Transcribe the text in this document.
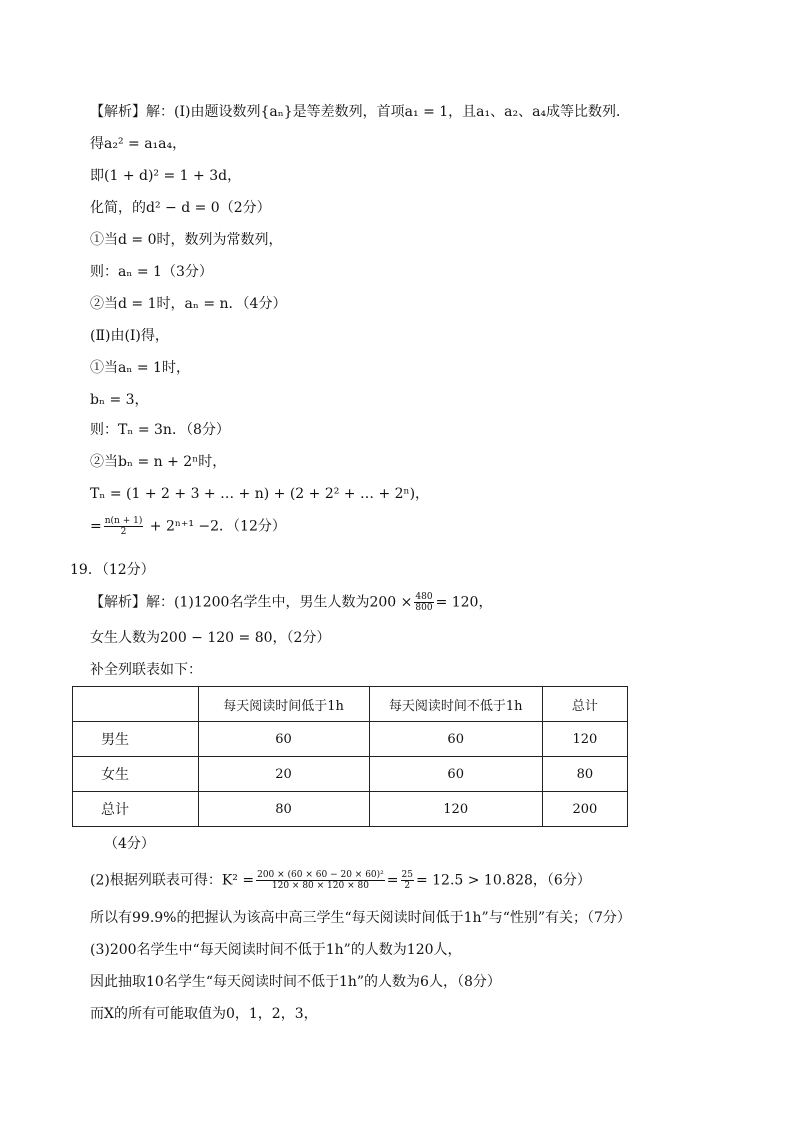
【解析】解：(Ⅰ)由题设数列{aₙ}是等差数列，首项a₁ = 1，且a₁、a₂、a₄成等比数列．
得a₂² = a₁a₄，
即(1 + d)² = 1 + 3d，
化简，的d² − d = 0（2分）
①当d = 0时，数列为常数列，
则：aₙ = 1（3分）
②当d = 1时，aₙ = n．（4分）
(Ⅱ)由(Ⅰ)得，
①当aₙ = 1时，
bₙ = 3，
则：Tₙ = 3n．（8分）
②当bₙ = n + 2ⁿ时，
Tₙ = (1 + 2 + 3 + … + n) + (2 + 2² + … + 2ⁿ)，
= $\frac{n(n + 1)}{2} + 2^{n+1} -2$．（12分）
19．（12分）
【解析】解：(1)1200名学生中，男生人数为$200 \times \frac{480}{800} = 120$，
女生人数为200 − 120 = 80，（2分）
补全列联表如下：
	每天阅读时间低于1h	每天阅读时间不低于1h	总计
男生	60	60	120
女生	20	60	80
总计	80	120	200
（4分）
(2)根据列联表可得：$K^2 = \frac{\text{200 × (60 × 60 − 20 × 60)²}}{120 \times 80 \times 120 \times 80} = \frac{25}{2} = 12.5 > 10.828$，（6分）
所以有99.9%的把握认为该高中高三学生“每天阅读时间低于1h”与“性别”有关；（7分）
(3)200名学生中“每天阅读时间不低于1h”的人数为120人，
因此抽取10名学生“每天阅读时间不低于1h”的人数为6人，（8分）
而X的所有可能取值为0，1，2，3，
